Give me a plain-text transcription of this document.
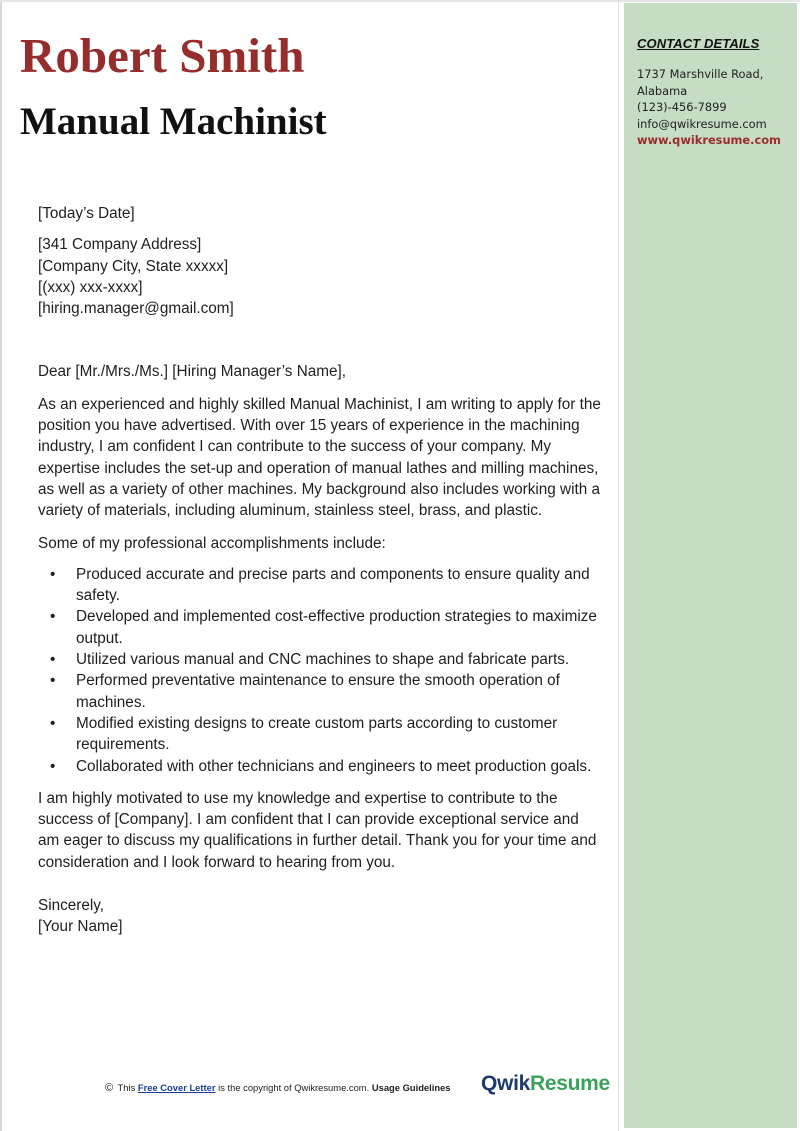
Robert Smith
Manual Machinist
CONTACT DETAILS
1737 Marshville Road,
Alabama
(123)-456-7899
info@qwikresume.com
www.qwikresume.com

[Today’s Date]

[341 Company Address]

[Company City, State xxxxx]

[(xxx) xxx-xxxx]

[hiring.manager@gmail.com]

Dear [Mr./Mrs./Ms.] [Hiring Manager’s Name],

As an experienced and highly skilled Manual Machinist, I am writing to apply for the position you have advertised. With over 15 years of experience in the machining industry, I am confident I can contribute to the success of your company. My expertise includes the set-up and operation of manual lathes and milling machines, as well as a variety of other machines. My background also includes working with a variety of materials, including aluminum, stainless steel, brass, and plastic.

Some of my professional accomplishments include:

• Produced accurate and precise parts and components to ensure quality and safety.
• Developed and implemented cost-effective production strategies to maximize output.
• Utilized various manual and CNC machines to shape and fabricate parts.
• Performed preventative maintenance to ensure the smooth operation of machines.
• Modified existing designs to create custom parts according to customer requirements.
• Collaborated with other technicians and engineers to meet production goals.

I am highly motivated to use my knowledge and expertise to contribute to the success of [Company]. I am confident that I can provide exceptional service and am eager to discuss my qualifications in further detail. Thank you for your time and consideration and I look forward to hearing from you.

Sincerely,

[Your Name]

© This Free Cover Letter is the copyright of Qwikresume.com. Usage Guidelines QwikResume
